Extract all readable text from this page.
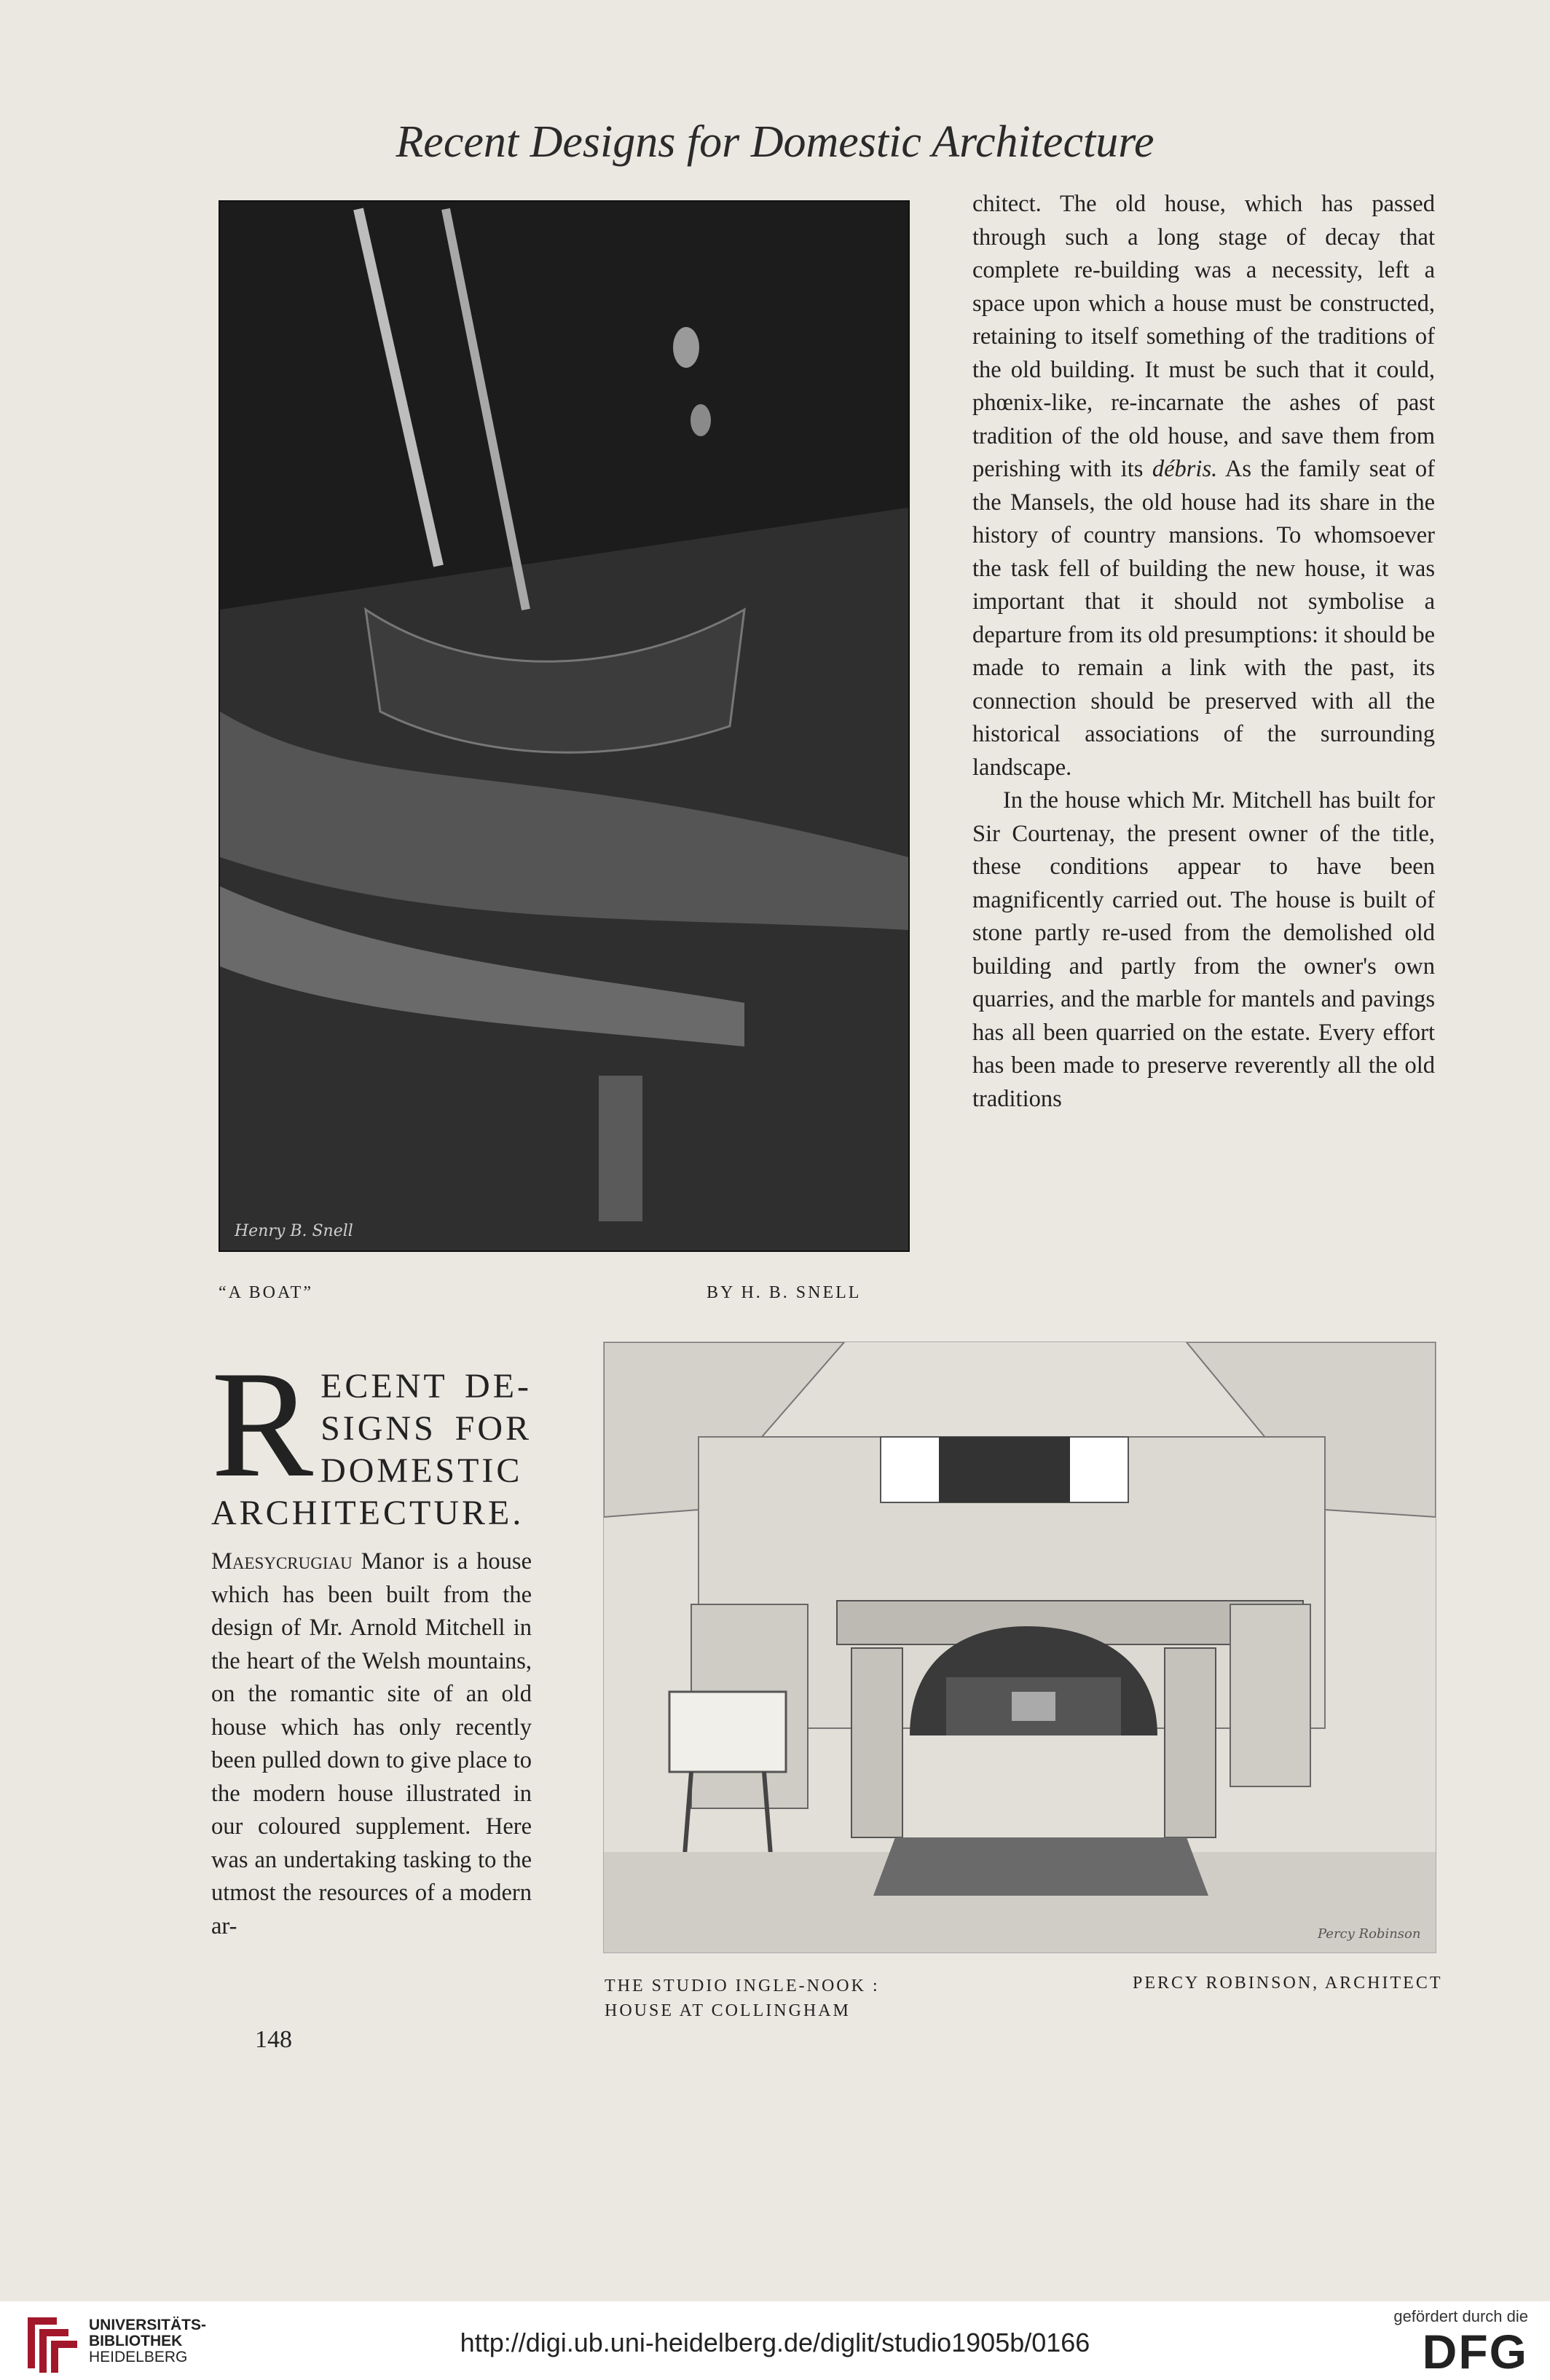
Recent Designs for Domestic Architecture
Henry B. Snell
“A BOAT”	BY H. B. SNELL

chitect. The old house, which has passed through such a long stage of decay that complete re-building was a necessity, left a space upon which a house must be constructed, retaining to itself something of the traditions of the old building. It must be such that it could, phœnix-like, re-incarnate the ashes of past tradition of the old house, and save them from perishing with its débris. As the family seat of the Mansels, the old house had its share in the history of country mansions. To whomsoever the task fell of building the new house, it was important that it should not symbolise a departure from its old presumptions: it should be made to remain a link with the past, its connection should be preserved with all the historical associations of the surrounding landscape.

In the house which Mr. Mitchell has built for Sir Courtenay, the present owner of the title, these conditions appear to have been magnificently carried out. The house is built of stone partly re-used from the demolished old building and partly from the owner's own quarries, and the marble for mantels and pavings has all been quarried on the estate. Every effort has been made to preserve reverently all the old traditions

R ECENT DE-
SIGNS FOR
DOMESTIC
ARCHITECTURE.

Maesycrugiau Manor is a house which has been built from the design of Mr. Arnold Mitchell in the heart of the Welsh mountains, on the romantic site of an old house which has only recently been pulled down to give place to the modern house illustrated in our coloured supplement. Here was an undertaking tasking to the utmost the resources of a modern ar-

148
Percy Robinson
THE STUDIO INGLE-NOOK :
HOUSE AT COLLINGHAM
PERCY ROBINSON, ARCHITECT
UNIVERSITÄTS-
BIBLIOTHEK
HEIDELBERG	http://digi.ub.uni-heidelberg.de/diglit/studio1905b/0166
gefördert durch die
DFG
